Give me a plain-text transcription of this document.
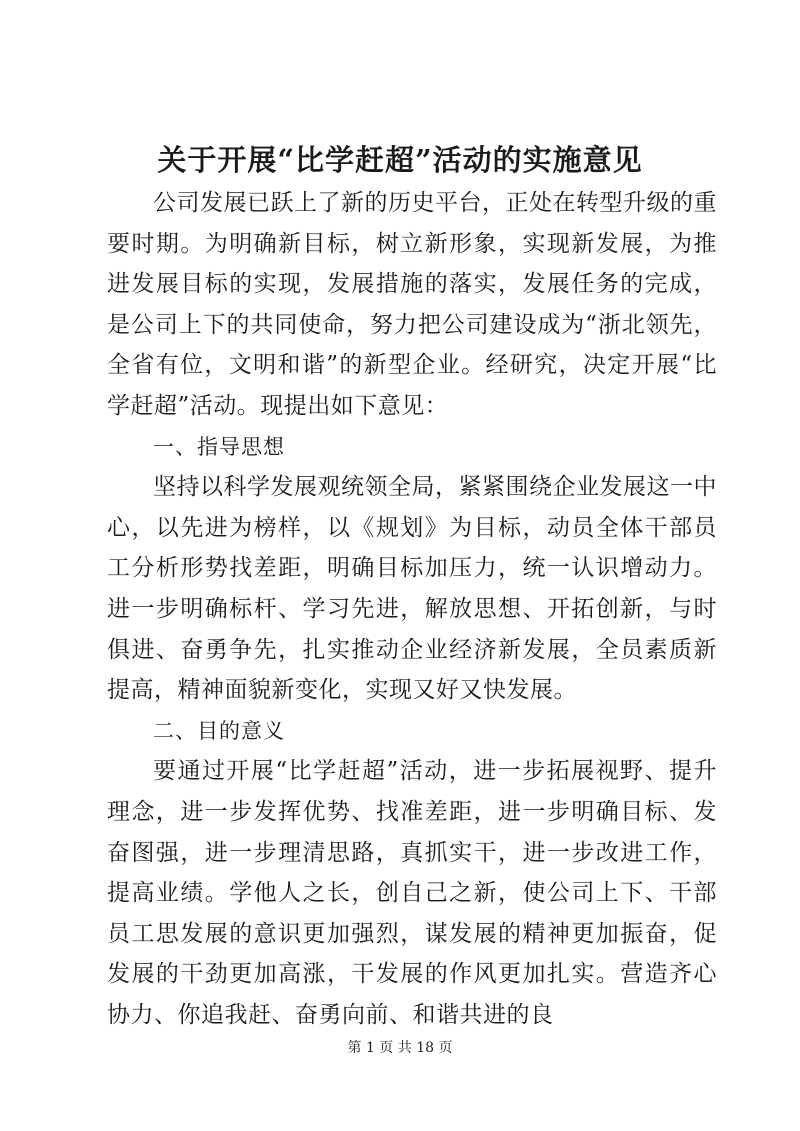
关于开展“比学赶超”活动的实施意见

公司发展已跃上了新的历史平台，正处在转型升级的重要时期。为明确新目标，树立新形象，实现新发展，为推进发展目标的实现，发展措施的落实，发展任务的完成，是公司上下的共同使命，努力把公司建设成为“浙北领先，全省有位，文明和谐”的新型企业。经研究，决定开展“比学赶超”活动。现提出如下意见：

一、指导思想

坚持以科学发展观统领全局，紧紧围绕企业发展这一中心，以先进为榜样，以《规划》为目标，动员全体干部员工分析形势找差距，明确目标加压力，统一认识增动力。进一步明确标杆、学习先进，解放思想、开拓创新，与时俱进、奋勇争先，扎实推动企业经济新发展，全员素质新提高，精神面貌新变化，实现又好又快发展。

二、目的意义

要通过开展“比学赶超”活动，进一步拓展视野、提升理念，进一步发挥优势、找准差距，进一步明确目标、发奋图强，进一步理清思路，真抓实干，进一步改进工作，提高业绩。学他人之长，创自己之新，使公司上下、干部员工思发展的意识更加强烈，谋发展的精神更加振奋，促发展的干劲更加高涨，干发展的作风更加扎实。营造齐心协力、你追我赶、奋勇向前、和谐共进的良

第 1 页 共 18 页
